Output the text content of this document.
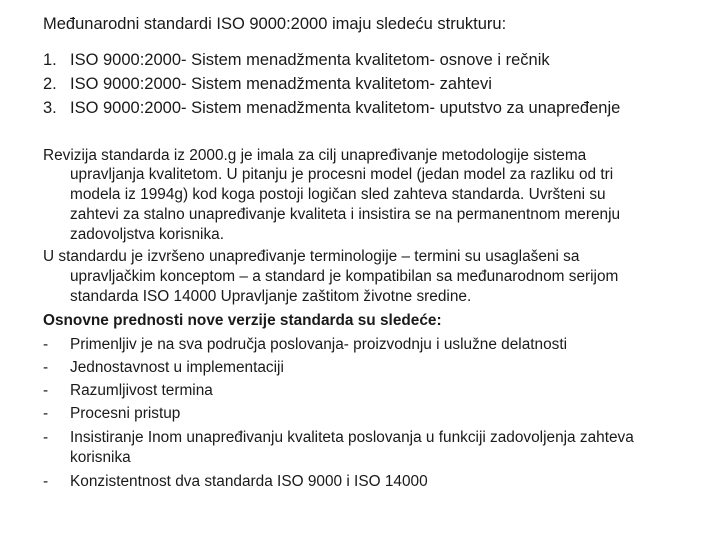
Međunarodni standardi ISO 9000:2000 imaju sledeću strukturu:
1. ISO 9000:2000- Sistem menadžmenta kvalitetom- osnove i rečnik
2. ISO 9000:2000- Sistem menadžmenta kvalitetom- zahtevi
3. ISO 9000:2000- Sistem menadžmenta kvalitetom- uputstvo za unapređenje
Revizija standarda iz 2000.g je imala za cilj unapređivanje metodologije sistema
upravljanja kvalitetom. U pitanju je procesni model (jedan model za razliku od tri
modela iz 1994g) kod koga postoji logičan sled zahteva standarda. Uvršteni su
zahtevi za stalno unapređivanje kvaliteta i insistira se na permanentnom merenju
zadovoljstva korisnika.
U standardu je izvršeno unapređivanje terminologije – termini su usaglašeni sa
upravljačkim konceptom – a standard je kompatibilan sa međunarodnom serijom
standarda ISO 14000 Upravljanje zaštitom životne sredine.
Osnovne prednosti nove verzije standarda su sledeće:
- Primenljiv je na sva područja poslovanja- proizvodnju i uslužne delatnosti
- Jednostavnost u implementaciji
- Razumljivost termina
- Procesni pristup
- Insistiranje Inom unapređivanju kvaliteta poslovanja u funkciji zadovoljenja zahteva
korisnika
- Konzistentnost dva standarda ISO 9000 i ISO 14000
